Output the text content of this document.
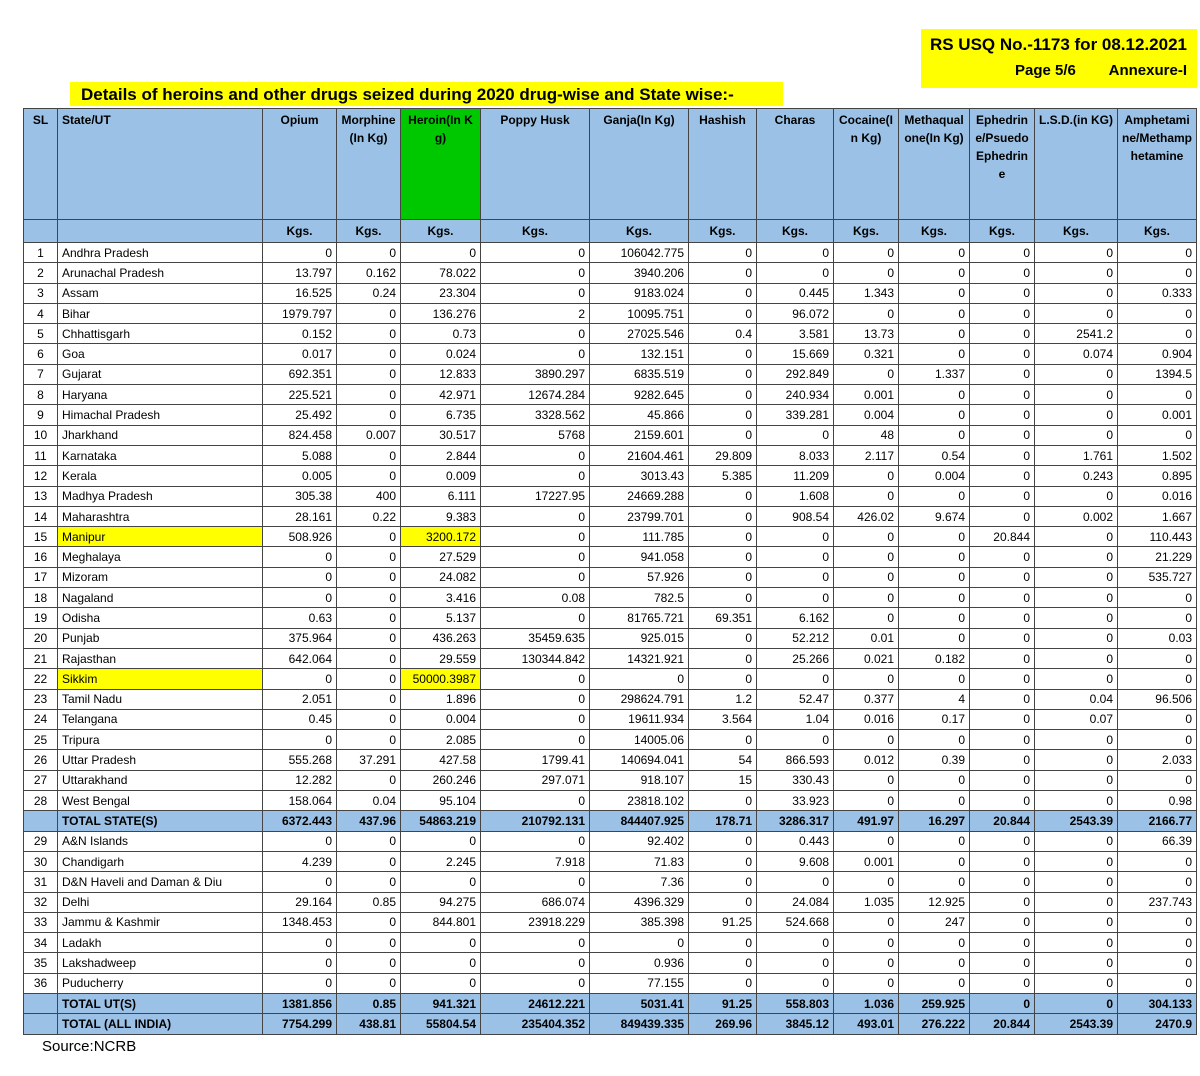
RS USQ No.-1173 for 08.12.2021
Page 5/6 Annexure-I
Details of heroins and other drugs seized during 2020 drug-wise and State wise:-
SL	State/UT	Opium	Morphine (In Kg)	Heroin(In Kg)	Poppy Husk	Ganja(In Kg)	Hashish	Charas	Cocaine(In Kg)	Methaqualone(In Kg)	Ephedrine/Psuedo Ephedrine	L.S.D.(in KG)	Amphetamine/Methamphetamine
		Kgs.	Kgs.	Kgs.	Kgs.	Kgs.	Kgs.	Kgs.	Kgs.	Kgs.	Kgs.	Kgs.	Kgs.
1	Andhra Pradesh	0	0	0	0	106042.775	0	0	0	0	0	0	0
2	Arunachal Pradesh	13.797	0.162	78.022	0	3940.206	0	0	0	0	0	0	0
3	Assam	16.525	0.24	23.304	0	9183.024	0	0.445	1.343	0	0	0	0.333
4	Bihar	1979.797	0	136.276	2	10095.751	0	96.072	0	0	0	0	0
5	Chhattisgarh	0.152	0	0.73	0	27025.546	0.4	3.581	13.73	0	0	2541.2	0
6	Goa	0.017	0	0.024	0	132.151	0	15.669	0.321	0	0	0.074	0.904
7	Gujarat	692.351	0	12.833	3890.297	6835.519	0	292.849	0	1.337	0	0	1394.5
8	Haryana	225.521	0	42.971	12674.284	9282.645	0	240.934	0.001	0	0	0	0
9	Himachal Pradesh	25.492	0	6.735	3328.562	45.866	0	339.281	0.004	0	0	0	0.001
10	Jharkhand	824.458	0.007	30.517	5768	2159.601	0	0	48	0	0	0	0
11	Karnataka	5.088	0	2.844	0	21604.461	29.809	8.033	2.117	0.54	0	1.761	1.502
12	Kerala	0.005	0	0.009	0	3013.43	5.385	11.209	0	0.004	0	0.243	0.895
13	Madhya Pradesh	305.38	400	6.111	17227.95	24669.288	0	1.608	0	0	0	0	0.016
14	Maharashtra	28.161	0.22	9.383	0	23799.701	0	908.54	426.02	9.674	0	0.002	1.667
15	Manipur	508.926	0	3200.172	0	111.785	0	0	0	0	20.844	0	110.443
16	Meghalaya	0	0	27.529	0	941.058	0	0	0	0	0	0	21.229
17	Mizoram	0	0	24.082	0	57.926	0	0	0	0	0	0	535.727
18	Nagaland	0	0	3.416	0.08	782.5	0	0	0	0	0	0	0
19	Odisha	0.63	0	5.137	0	81765.721	69.351	6.162	0	0	0	0	0
20	Punjab	375.964	0	436.263	35459.635	925.015	0	52.212	0.01	0	0	0	0.03
21	Rajasthan	642.064	0	29.559	130344.842	14321.921	0	25.266	0.021	0.182	0	0	0
22	Sikkim	0	0	50000.3987	0	0	0	0	0	0	0	0	0
23	Tamil Nadu	2.051	0	1.896	0	298624.791	1.2	52.47	0.377	4	0	0.04	96.506
24	Telangana	0.45	0	0.004	0	19611.934	3.564	1.04	0.016	0.17	0	0.07	0
25	Tripura	0	0	2.085	0	14005.06	0	0	0	0	0	0	0
26	Uttar Pradesh	555.268	37.291	427.58	1799.41	140694.041	54	866.593	0.012	0.39	0	0	2.033
27	Uttarakhand	12.282	0	260.246	297.071	918.107	15	330.43	0	0	0	0	0
28	West Bengal	158.064	0.04	95.104	0	23818.102	0	33.923	0	0	0	0	0.98
	TOTAL STATE(S)	6372.443	437.96	54863.219	210792.131	844407.925	178.71	3286.317	491.97	16.297	20.844	2543.39	2166.77
29	A&N Islands	0	0	0	0	92.402	0	0.443	0	0	0	0	66.39
30	Chandigarh	4.239	0	2.245	7.918	71.83	0	9.608	0.001	0	0	0	0
31	D&N Haveli and Daman & Diu	0	0	0	0	7.36	0	0	0	0	0	0	0
32	Delhi	29.164	0.85	94.275	686.074	4396.329	0	24.084	1.035	12.925	0	0	237.743
33	Jammu & Kashmir	1348.453	0	844.801	23918.229	385.398	91.25	524.668	0	247	0	0	0
34	Ladakh	0	0	0	0	0	0	0	0	0	0	0	0
35	Lakshadweep	0	0	0	0	0.936	0	0	0	0	0	0	0
36	Puducherry	0	0	0	0	77.155	0	0	0	0	0	0	0
	TOTAL UT(S)	1381.856	0.85	941.321	24612.221	5031.41	91.25	558.803	1.036	259.925	0	0	304.133
	TOTAL (ALL INDIA)	7754.299	438.81	55804.54	235404.352	849439.335	269.96	3845.12	493.01	276.222	20.844	2543.39	2470.9
Source:NCRB
